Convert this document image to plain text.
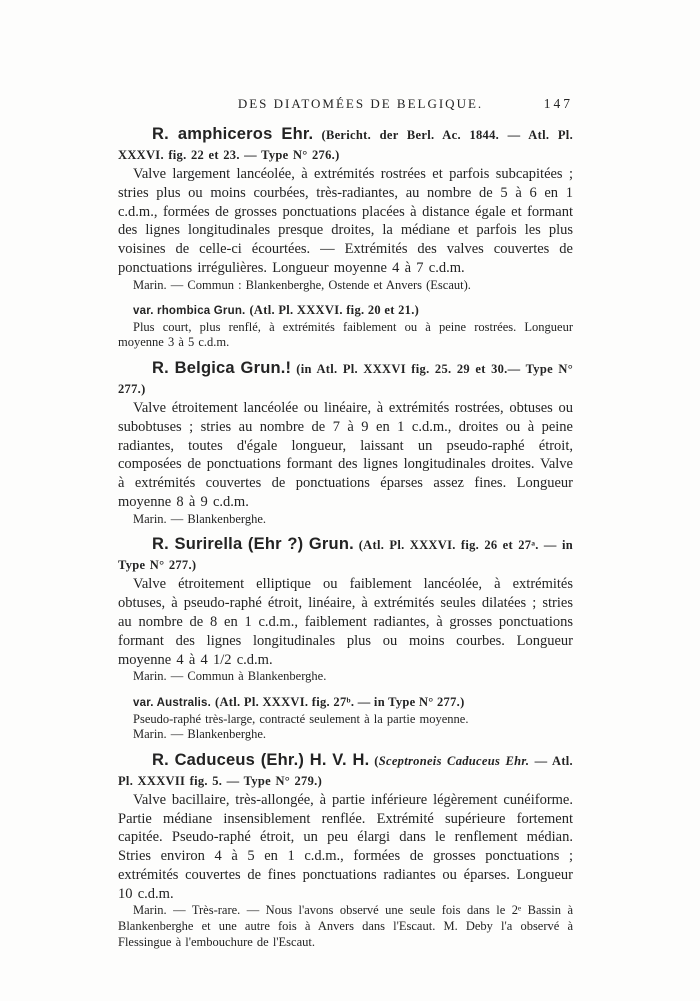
DES DIATOMÉES DE BELGIQUE.	147

R. amphiceros Ehr. (Bericht. der Berl. Ac. 1844. — Atl. Pl. XXXVI. fig. 22 et 23. — Type N° 276.)

Valve largement lancéolée, à extrémités rostrées et parfois subcapitées ; stries plus ou moins courbées, très-radiantes, au nombre de 5 à 6 en 1 c.d.m., formées de grosses ponctuations placées à distance égale et formant des lignes longitudinales presque droites, la médiane et parfois les plus voisines de celle-ci écourtées. — Extrémités des valves couvertes de ponctuations irrégulières. Longueur moyenne 4 à 7 c.d.m.

Marin. — Commun : Blankenberghe, Ostende et Anvers (Escaut).

var. rhombica Grun. (Atl. Pl. XXXVI. fig. 20 et 21.)

Plus court, plus renflé, à extrémités faiblement ou à peine rostrées. Longueur moyenne 3 à 5 c.d.m.

R. Belgica Grun.! (in Atl. Pl. XXXVI fig. 25. 29 et 30.— Type N° 277.)

Valve étroitement lancéolée ou linéaire, à extrémités rostrées, obtuses ou subobtuses ; stries au nombre de 7 à 9 en 1 c.d.m., droites ou à peine radiantes, toutes d'égale longueur, laissant un pseudo-raphé étroit, composées de ponctuations formant des lignes longitudinales droites. Valve à extrémités couvertes de ponctuations éparses assez fines. Longueur moyenne 8 à 9 c.d.m.

Marin. — Blankenberghe.

R. Surirella (Ehr ?) Grun. (Atl. Pl. XXXVI. fig. 26 et 27ᵃ. — in Type N° 277.)

Valve étroitement elliptique ou faiblement lancéolée, à extrémités obtuses, à pseudo-raphé étroit, linéaire, à extrémités seules dilatées ; stries au nombre de 8 en 1 c.d.m., faiblement radiantes, à grosses ponctuations formant des lignes longitudinales plus ou moins courbes. Longueur moyenne 4 à 4 1/2 c.d.m.

Marin. — Commun à Blankenberghe.

var. Australis. (Atl. Pl. XXXVI. fig. 27ᵇ. — in Type N° 277.)

Pseudo-raphé très-large, contracté seulement à la partie moyenne.

Marin. — Blankenberghe.

R. Caduceus (Ehr.) H. V. H. (Sceptroneis Caduceus Ehr. — Atl. Pl. XXXVII fig. 5. — Type N° 279.)

Valve bacillaire, très-allongée, à partie inférieure légèrement cunéiforme. Partie médiane insensiblement renflée. Extrémité supérieure fortement capitée. Pseudo-raphé étroit, un peu élargi dans le renflement médian. Stries environ 4 à 5 en 1 c.d.m., formées de grosses ponctuations ; extrémités couvertes de fines ponctuations radiantes ou éparses. Longueur 10 c.d.m.

Marin. — Très-rare. — Nous l'avons observé une seule fois dans le 2ᵉ Bassin à Blankenberghe et une autre fois à Anvers dans l'Escaut. M. Deby l'a observé à Flessingue à l'embouchure de l'Escaut.
